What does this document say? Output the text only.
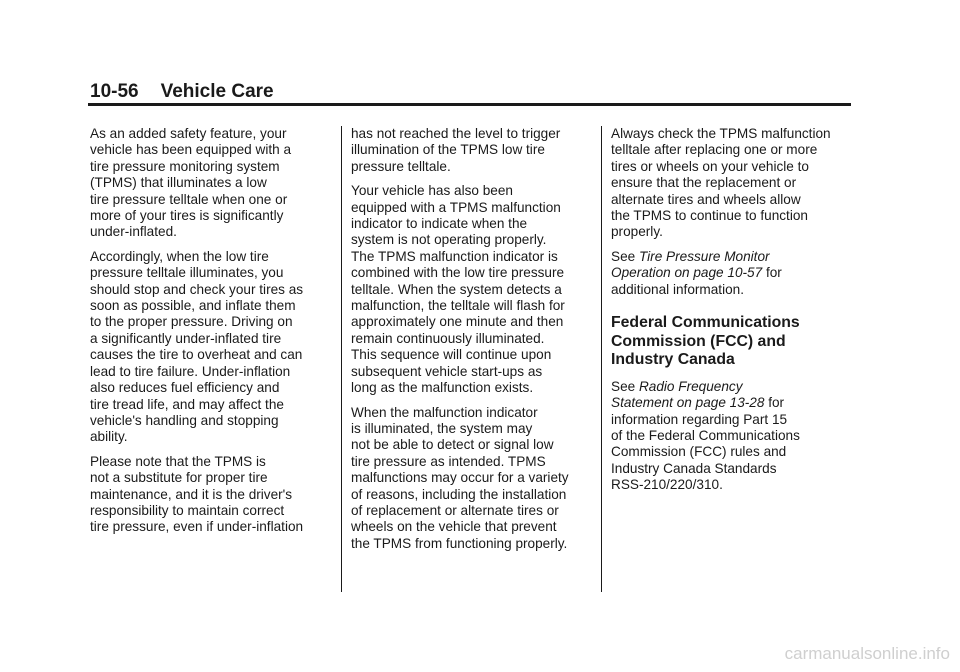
10-56 Vehicle Care

As an added safety feature, your
vehicle has been equipped with a
tire pressure monitoring system
(TPMS) that illuminates a low
tire pressure telltale when one or
more of your tires is significantly
under-inflated.

Accordingly, when the low tire
pressure telltale illuminates, you
should stop and check your tires as
soon as possible, and inflate them
to the proper pressure. Driving on
a significantly under-inflated tire
causes the tire to overheat and can
lead to tire failure. Under-inflation
also reduces fuel efficiency and
tire tread life, and may affect the
vehicle's handling and stopping
ability.

Please note that the TPMS is
not a substitute for proper tire
maintenance, and it is the driver's
responsibility to maintain correct
tire pressure, even if under-inflation

has not reached the level to trigger
illumination of the TPMS low tire
pressure telltale.

Your vehicle has also been
equipped with a TPMS malfunction
indicator to indicate when the
system is not operating properly.
The TPMS malfunction indicator is
combined with the low tire pressure
telltale. When the system detects a
malfunction, the telltale will flash for
approximately one minute and then
remain continuously illuminated.
This sequence will continue upon
subsequent vehicle start-ups as
long as the malfunction exists.

When the malfunction indicator
is illuminated, the system may
not be able to detect or signal low
tire pressure as intended. TPMS
malfunctions may occur for a variety
of reasons, including the installation
of replacement or alternate tires or
wheels on the vehicle that prevent
the TPMS from functioning properly.

Always check the TPMS malfunction
telltale after replacing one or more
tires or wheels on your vehicle to
ensure that the replacement or
alternate tires and wheels allow
the TPMS to continue to function
properly.

See Tire Pressure Monitor
Operation on page 10-57 for
additional information.

Federal Communications
Commission (FCC) and
Industry Canada

See Radio Frequency
Statement on page 13-28 for
information regarding Part 15
of the Federal Communications
Commission (FCC) rules and
Industry Canada Standards
RSS-210/220/310.

carmanualsonline.info
